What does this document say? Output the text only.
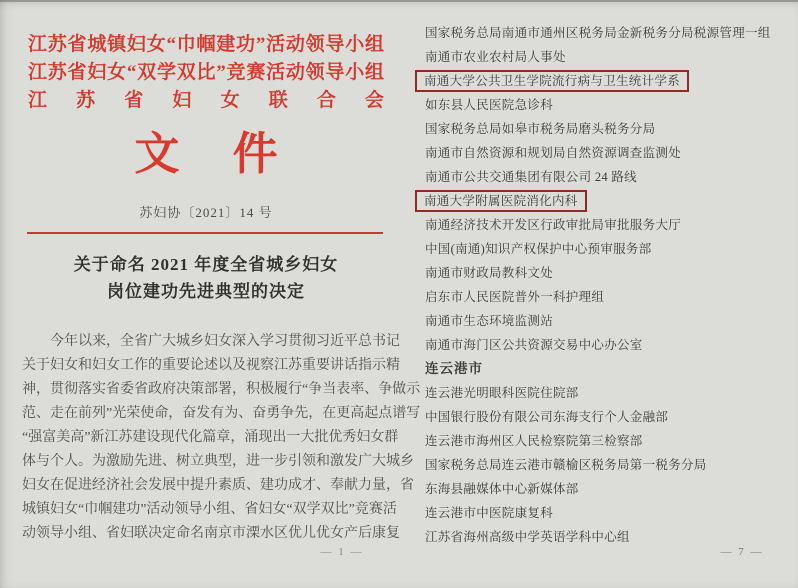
江苏省城镇妇女“巾帼建功”活动领导小组
江苏省妇女“双学双比”竞赛活动领导小组
江苏省妇女联合会
文 件
苏妇协〔2021〕14 号
关于命名 2021 年度全省城乡妇女
岗位建功先进典型的决定
今年以来，全省广大城乡妇女深入学习贯彻习近平总书记
关于妇女和妇女工作的重要论述以及视察江苏重要讲话指示精
神，贯彻落实省委省政府决策部署，积极履行“争当表率、争做示
范、走在前列”光荣使命，奋发有为、奋勇争先，在更高起点谱写
“强富美高”新江苏建设现代化篇章，涌现出一大批优秀妇女群
体与个人。为激励先进、树立典型，进一步引领和激发广大城乡
妇女在促进经济社会发展中提升素质、建功成才、奉献力量，省
城镇妇女“巾帼建功”活动领导小组、省妇女“双学双比”竞赛活
动领导小组、省妇联决定命名南京市溧水区优儿优女产后康复
— 1 —
国家税务总局南通市通州区税务局金新税务分局税源管理一组
南通市农业农村局人事处
南通大学公共卫生学院流行病与卫生统计学系
如东县人民医院急诊科
国家税务总局如皋市税务局磨头税务分局
南通市自然资源和规划局自然资源调查监测处
南通市公共交通集团有限公司 24 路线
南通大学附属医院消化内科
南通经济技术开发区行政审批局审批服务大厅
中国(南通)知识产权保护中心预审服务部
南通市财政局教科文处
启东市人民医院普外一科护理组
南通市生态环境监测站
南通市海门区公共资源交易中心办公室
连云港市
连云港光明眼科医院住院部
中国银行股份有限公司东海支行个人金融部
连云港市海州区人民检察院第三检察部
国家税务总局连云港市赣榆区税务局第一税务分局
东海县融媒体中心新媒体部
连云港市中医院康复科
江苏省海州高级中学英语学科中心组
— 7 —
